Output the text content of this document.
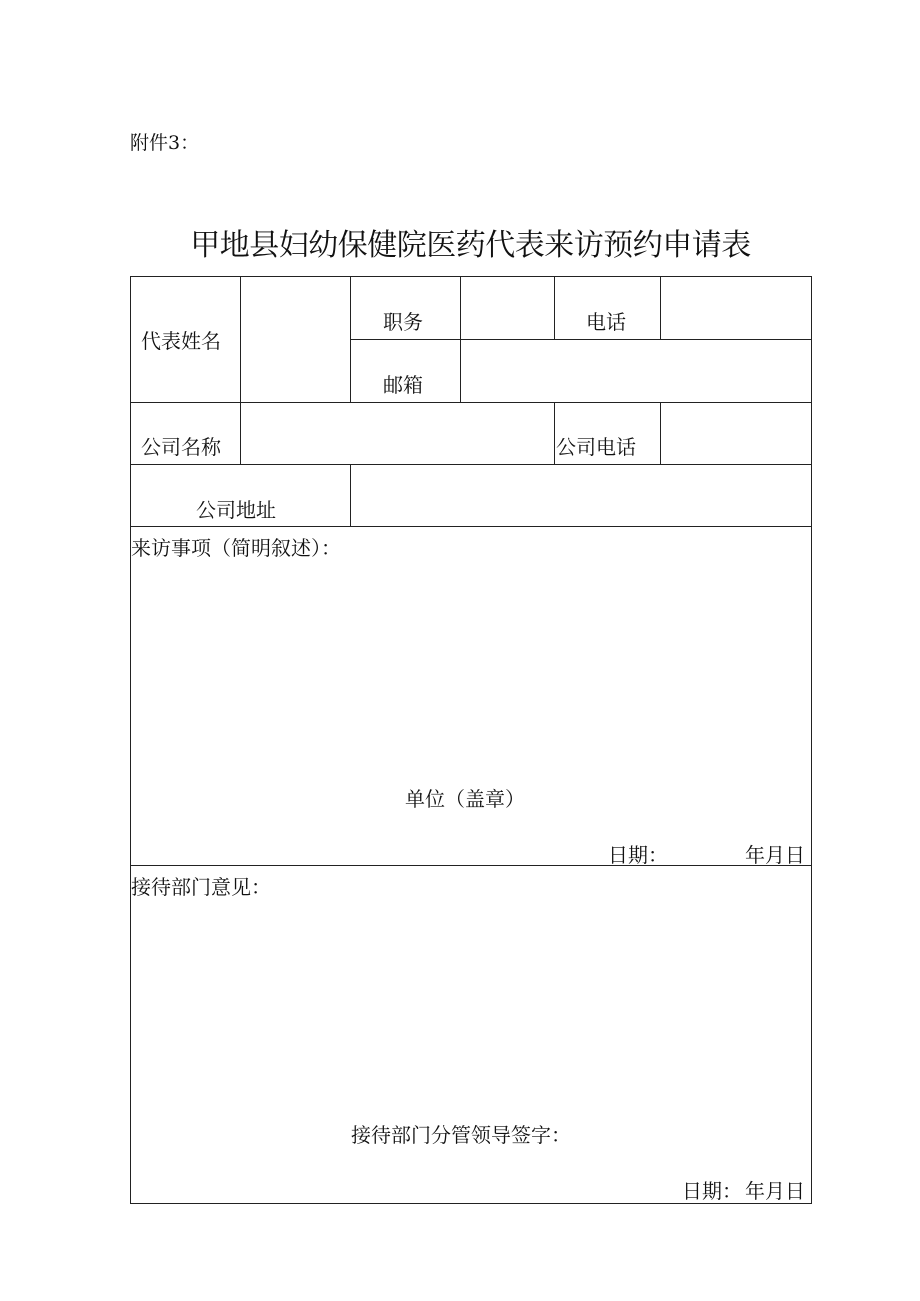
附件3：
甲地县妇幼保健院医药代表来访预约申请表
代表姓名
职务	电话
邮箱
公司名称	公司电话
公司地址
来访事项（简明叙述）：
单位（盖章）
日期：	年月日
接待部门意见：
接待部门分管领导签字：
日期： 年月日
